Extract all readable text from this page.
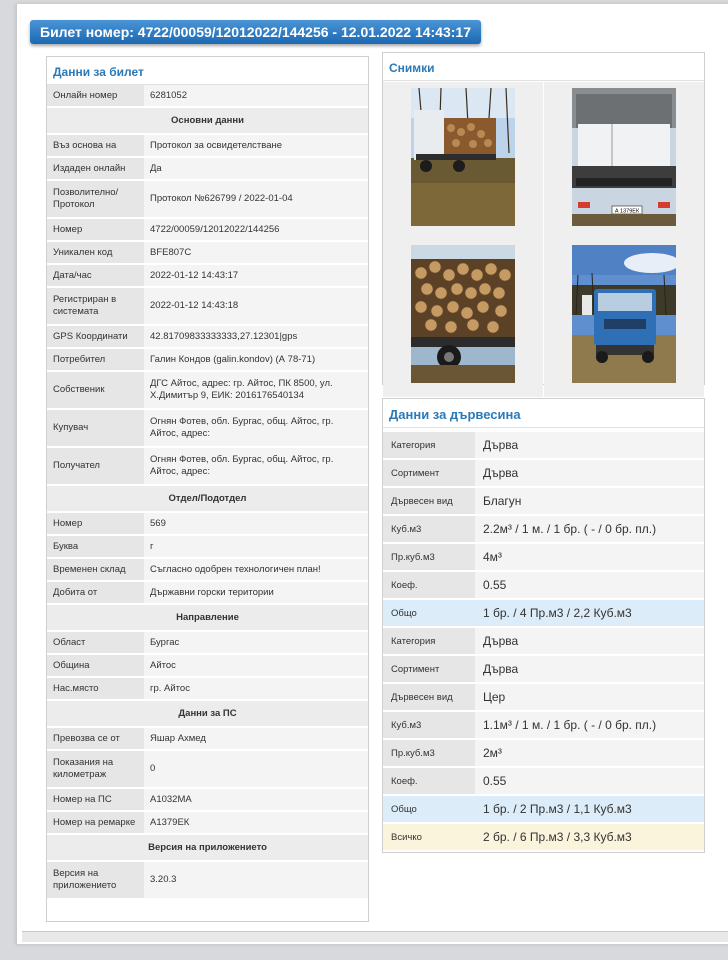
Билет номер: 4722/00059/12012022/144256 - 12.01.2022 14:43:17
Данни за билет
Онлайн номер	6281052
Основни данни	
Въз основа на	Протокол за освидетелстване
Издаден онлайн	Да
Позволително/ Протокол	Протокол №626799 / 2022-01-04
Номер	4722/00059/12012022/144256
Уникален код	BFE807C
Дата/час	2022-01-12 14:43:17
Регистриран в системата	2022-01-12 14:43:18
GPS Координати	42.81709833333333,27.12301|gps
Потребител	Галин Кондов (galin.kondov) (А 78-71)
Собственик	ДГС Айтос, адрес: гр. Айтос, ПК 8500, ул. Х.Димитър 9, ЕИК: 2016176540134
Купувач	Огнян Фотев, обл. Бургас, общ. Айтос, гр. Айтос, адрес:
Получател	Огнян Фотев, обл. Бургас, общ. Айтос, гр. Айтос, адрес:
Отдел/Подотдел	
Номер	569
Буква	г
Временен склад	Съгласно одобрен технологичен план!
Добита от	Държавни горски територии
Направление	
Област	Бургас
Община	Айтос
Нас.място	гр. Айтос
Данни за ПС	
Превозва се от	Яшар Ахмед
Показания на километраж	0
Номер на ПС	А1032МА
Номер на ремарке	А1379ЕК
Версия на приложението	
Версия на приложението	3.20.3
Снимки
А 1379ЕК
Данни за дървесина
Категория	Дърва
Сортимент	Дърва
Дървесен вид	Благун
Куб.м3	2.2м³ / 1 м. / 1 бр. ( - / 0 бр. пл.)
Пр.куб.м3	4м³
Коеф.	0.55
Общо	1 бр. / 4 Пр.м3 / 2,2 Куб.м3
Категория	Дърва
Сортимент	Дърва
Дървесен вид	Цер
Куб.м3	1.1м³ / 1 м. / 1 бр. ( - / 0 бр. пл.)
Пр.куб.м3	2м³
Коеф.	0.55
Общо	1 бр. / 2 Пр.м3 / 1,1 Куб.м3
Всичко	2 бр. / 6 Пр.м3 / 3,3 Куб.м3
